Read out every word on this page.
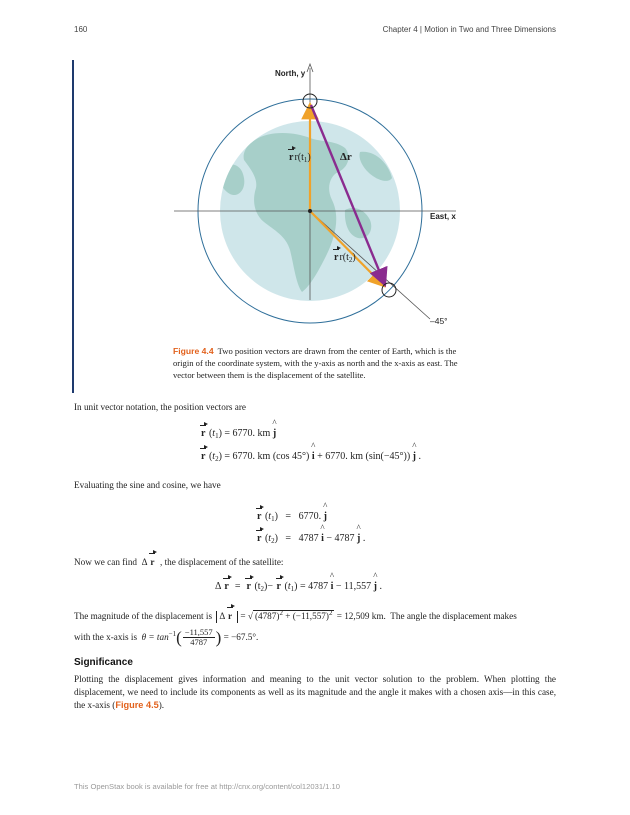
160	Chapter 4 | Motion in Two and Three Dimensions
North, y
East, x
$rr(t_1)$
$rr(t_2)$
Δr
–45°
Figure 4.4 Two position vectors are drawn from the center of Earth, which is the origin of the coordinate system, with the y-axis as north and the x-axis as east. The vector between them is the displacement of the satellite.
In unit vector notation, the position vectors are
r $(t_1) = 6770$. km ^ j
r $(t_2) = 6770$. km (cos 45°) ^ i + 6770. km (sin(−45°)) ^ j .
Evaluating the sine and cosine, we have
r $(t_1) = 6770$. ^ j
r $(t_2) = 4787$ ^ i − 4787 ^ j .
Now we can find  Δ r , the displacement of the satellite:
Δ r  =  r $(t_2)- r$ $(t_1) = 4787$ ^ i − 11,557 ^ j .
The magnitude of the displacement is Δ r = √ $(4787)^2 + (-11,557)^2 = 12,509$ km. The angle the displacement makes
with the x-axis is $\theta = \tan^{-1}( \frac{-11,557}{4787}$ ) = −67.5°.
Significance
Plotting the displacement gives information and meaning to the unit vector solution to the problem. When plotting the displacement, we need to include its components as well as its magnitude and the angle it makes with a chosen axis—in this case, the x-axis (Figure 4.5).
This OpenStax book is available for free at http://cnx.org/content/col12031/1.10
